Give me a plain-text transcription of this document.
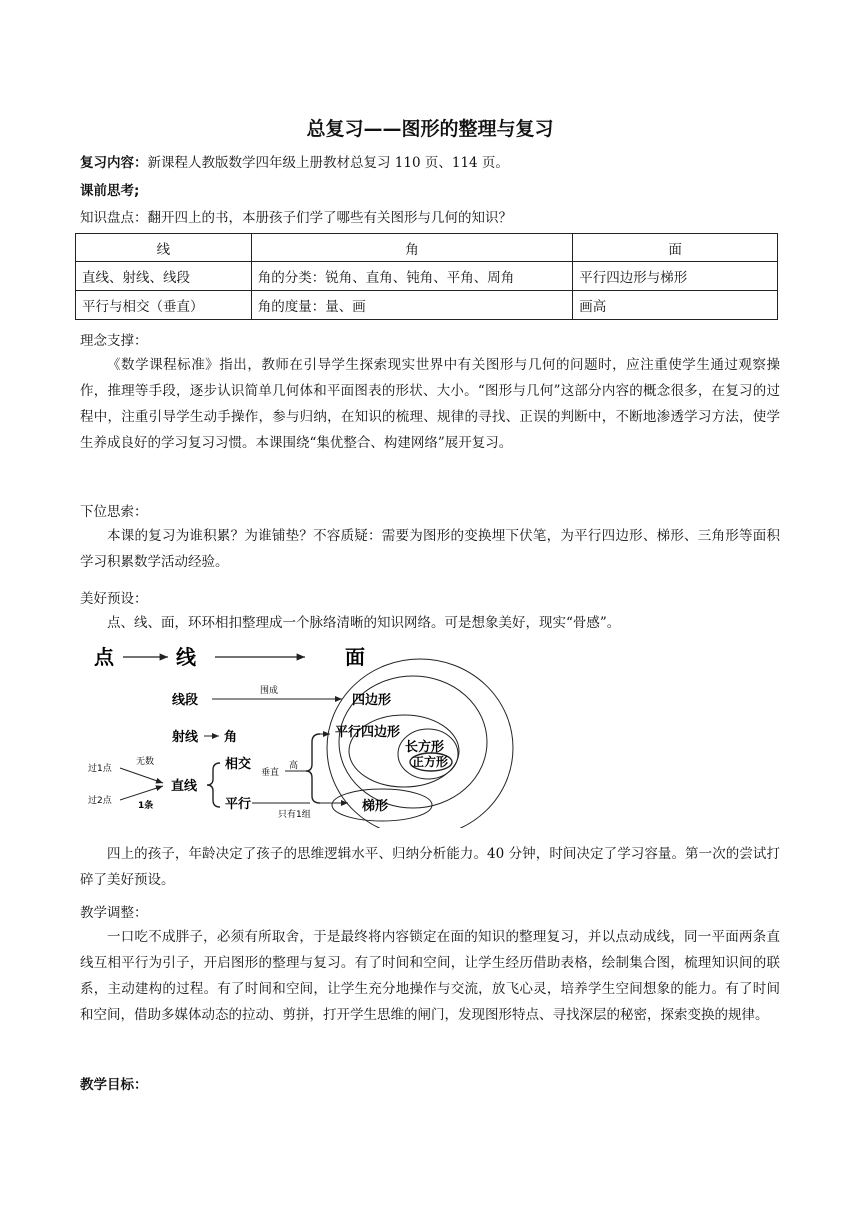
总复习——图形的整理与复习
复习内容：新课程人教版数学四年级上册教材总复习 110 页、114 页。
课前思考;
知识盘点：翻开四上的书，本册孩子们学了哪些有关图形与几何的知识？
线	角	面
直线、射线、线段	角的分类：锐角、直角、钝角、平角、周角	平行四边形与梯形
平行与相交（垂直）	角的度量：量、画	画高
理念支撑：
《数学课程标准》指出，教师在引导学生探索现实世界中有关图形与几何的问题时，应注重使学生通过观察操作，推理等手段，逐步认识简单几何体和平面图表的形状、大小。“图形与几何”这部分内容的概念很多，在复习的过程中，注重引导学生动手操作，参与归纳，在知识的梳理、规律的寻找、正误的判断中，不断地渗透学习方法，使学生养成良好的学习复习习惯。本课围绕“集优整合、构建网络”展开复习。
下位思索：
本课的复习为谁积累？为谁铺垫？不容质疑：需要为图形的变换埋下伏笔，为平行四边形、梯形、三角形等面积学习积累数学活动经验。
美好预设：
点、线、面，环环相扣整理成一个脉络清晰的知识网络。可是想象美好，现实“骨感”。
点	线	面
线段
围成
四边形
射线 角	平行四边形
长方形
正方形
过1点
无数
过2点	1条
直线
相交
平行
垂直
高
只有1组
梯形
四上的孩子，年龄决定了孩子的思维逻辑水平、归纳分析能力。40 分钟，时间决定了学习容量。第一次的尝试打碎了美好预设。
教学调整：
一口吃不成胖子，必须有所取舍，于是最终将内容锁定在面的知识的整理复习，并以点动成线，同一平面两条直线互相平行为引子，开启图形的整理与复习。有了时间和空间，让学生经历借助表格，绘制集合图，梳理知识间的联系，主动建构的过程。有了时间和空间，让学生充分地操作与交流，放飞心灵，培养学生空间想象的能力。有了时间和空间，借助多媒体动态的拉动、剪拼，打开学生思维的闸门，发现图形特点、寻找深层的秘密，探索变换的规律。
教学目标：
